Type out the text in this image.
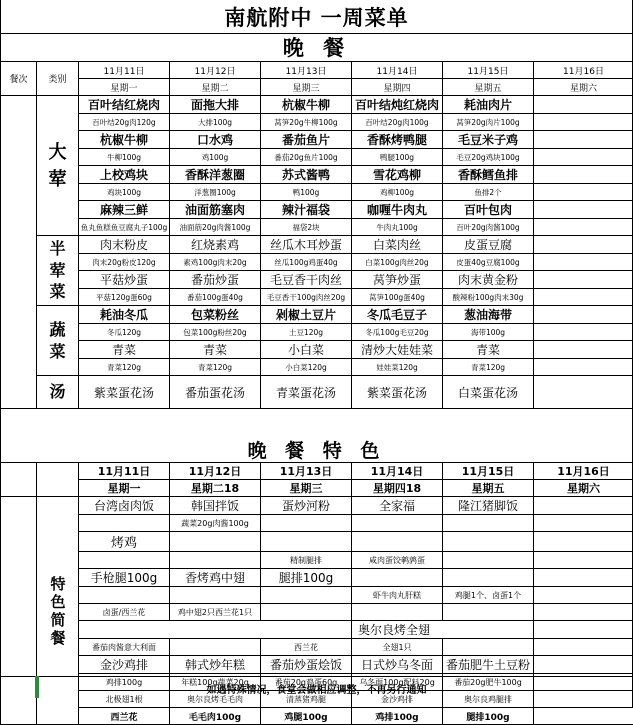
南航附中 一周菜单
晚 餐
餐次	类别	11月11日	11月12日	11月13日	11月14日	11月15日	11月16日
		星期一	星期二	星期三	星期四	星期五	星期六

	大荤	百叶结红烧肉	面拖大排	杭椒牛柳	百叶结炖红烧肉	耗油肉片	
		百叶结20g肉120g	大排100g	莴笋20g牛柳100g	百叶结20g肉100g	莴笋20g肉片100g	
		杭椒牛柳	口水鸡	番茄鱼片	香酥烤鸭腿	毛豆米子鸡	
		牛柳100g	鸡100g	番茄20g鱼片100g	鸭腿100g	毛豆20g鸡块100g	
		上校鸡块	香酥洋葱圈	苏式酱鸭	雪花鸡柳	香酥鳕鱼排	
		鸡块100g	洋葱圈100g	鸭100g	鸡柳100g	鱼排2个	
		麻辣三鲜	油面筋塞肉	辣汁福袋	咖喱牛肉丸	百叶包肉	
		鱼丸鱼糕鱼豆腐丸子100g	油面筋20g肉酱100g	福袋2块	牛肉丸100g	百叶20g肉酱100g	

	半荤菜	肉末粉皮	红烧素鸡	丝瓜木耳炒蛋	白菜肉丝	皮蛋豆腐	
		肉末20g粉皮120g	素鸡100g肉末20g	丝瓜100g鸡蛋40g	白菜100g肉丝20g	皮蛋40g豆腐100g	
		平菇炒蛋	番茄炒蛋	毛豆香干肉丝	莴笋炒蛋	肉末黄金粉	
		平菇120g蛋60g	番茄100g蛋40g	毛豆香干100g肉丝20g	莴笋100g蛋40g	酸辣粉100g肉末30g	

	蔬菜	耗油冬瓜	包菜粉丝	剁椒土豆片	冬瓜毛豆子	葱油海带	
		冬瓜120g	包菜100g粉丝20g	土豆120g	冬瓜100g毛豆20g	海带100g	
		青菜	青菜	小白菜	清炒大娃娃菜	青菜	
		青菜120g	青菜120g	小白菜120g	娃娃菜120g	青菜120g	

	汤	紫菜蛋花汤	番茄蛋花汤	青菜蛋花汤	紫菜蛋花汤	白菜蛋花汤	
晚 餐 特 色
		11月11日	11月12日	11月13日	11月14日	11月15日	11月16日
		星期一	星期二18	星期三	星期四18	星期五	星期六

	特色简餐	台湾卤肉饭	韩国拌饭	蛋炒河粉	全家福	隆江猪脚饭	
			蔬菜20g肉酱100g				
		烤鸡					
				精制腿排	咸肉蛋饺鹌鹑蛋		
		手枪腿100g	香烤鸡中翅	腿排100g			
					虾牛肉丸肝糕	鸡腿1个、卤蛋1个	
		卤蛋/西兰花	鸡中翅2只西兰花1只				
					奥尔良烤全翅		
		番茄肉酱意大利面		西兰花	全翅1只		
		金沙鸡排	韩式炒年糕	番茄炒蛋烩饭	日式炒乌冬面	番茄肥牛土豆粉	
		鸡排100g	年糕100g蔬菜20g	番茄20g鸡蛋60g	乌冬面100g配料20g	番茄20g肥牛100g	
		北极翅1根	奥尔良烤毛毛肉	清蒸猪鸡腿	金沙鸡排	奥尔良鸡腿排	
		西兰花	毛毛肉100g	鸡腿100g	鸡排100g	腿排100g	
如遇特殊情况，食堂会做相应调整，不再另行通知
